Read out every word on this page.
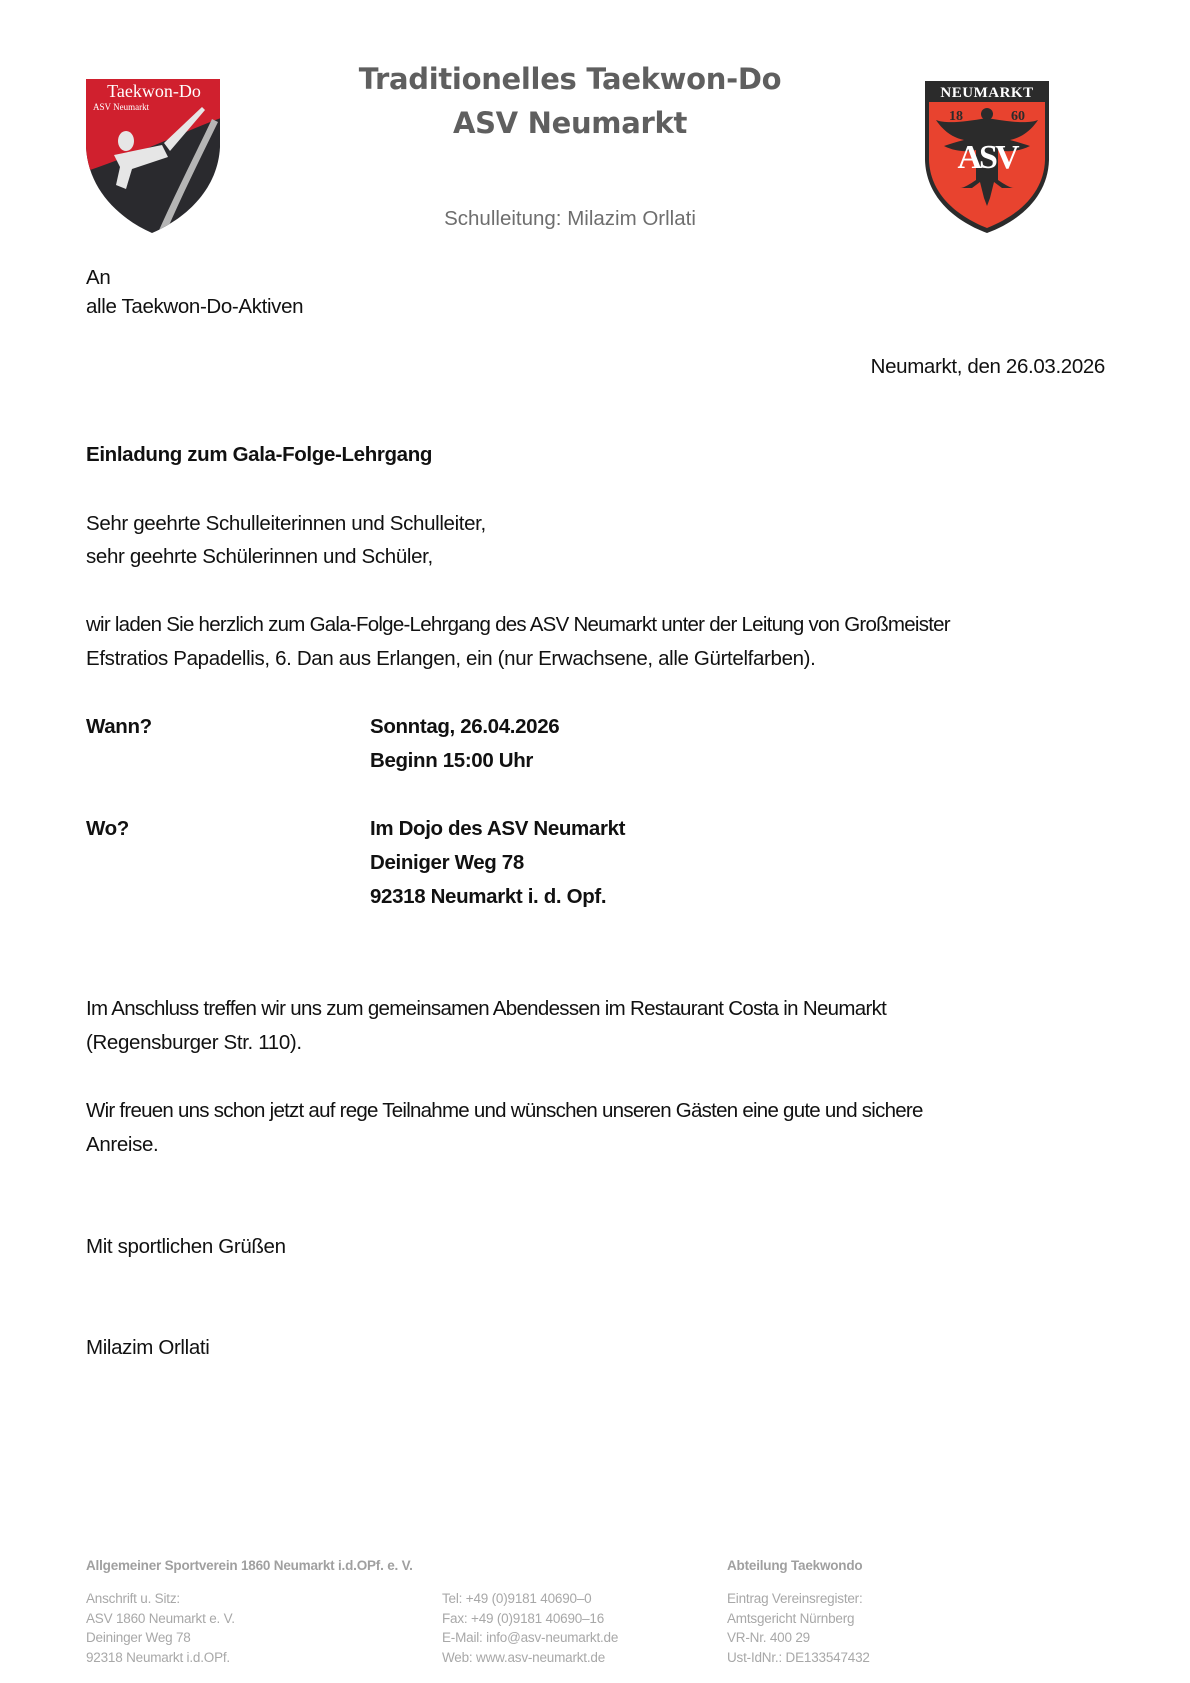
Taekwon-Do
ASV Neumarkt
Traditionelles Taekwon-Do
ASV Neumarkt
Schulleitung: Milazim Orllati
NEUMARKT
18	60
ASV
An
alle Taekwon-Do-Aktiven
Neumarkt, den 26.03.2026
Einladung zum Gala-Folge-Lehrgang
Sehr geehrte Schulleiterinnen und Schulleiter,
sehr geehrte Schülerinnen und Schüler,
wir laden Sie herzlich zum Gala-Folge-Lehrgang des ASV Neumarkt unter der Leitung von Großmeister
Efstratios Papadellis, 6. Dan aus Erlangen, ein (nur Erwachsene, alle Gürtelfarben).
Wann?	Sonntag, 26.04.2026
Beginn 15:00 Uhr
Wo?	Im Dojo des ASV Neumarkt
Deiniger Weg 78
92318 Neumarkt i. d. Opf.
Im Anschluss treffen wir uns zum gemeinsamen Abendessen im Restaurant Costa in Neumarkt
(Regensburger Str. 110).
Wir freuen uns schon jetzt auf rege Teilnahme und wünschen unseren Gästen eine gute und sichere
Anreise.
Mit sportlichen Grüßen
Milazim Orllati
Allgemeiner Sportverein 1860 Neumarkt i.d.OPf. e. V.	Abteilung Taekwondo
Anschrift u. Sitz:
ASV 1860 Neumarkt e. V.
Deininger Weg 78
92318 Neumarkt i.d.OPf.
Tel: +49 (0)9181 40690–0
Fax: +49 (0)9181 40690–16
E-Mail: info@asv-neumarkt.de
Web: www.asv-neumarkt.de
Eintrag Vereinsregister:
Amtsgericht Nürnberg
VR-Nr. 400 29
Ust-IdNr.: DE133547432
